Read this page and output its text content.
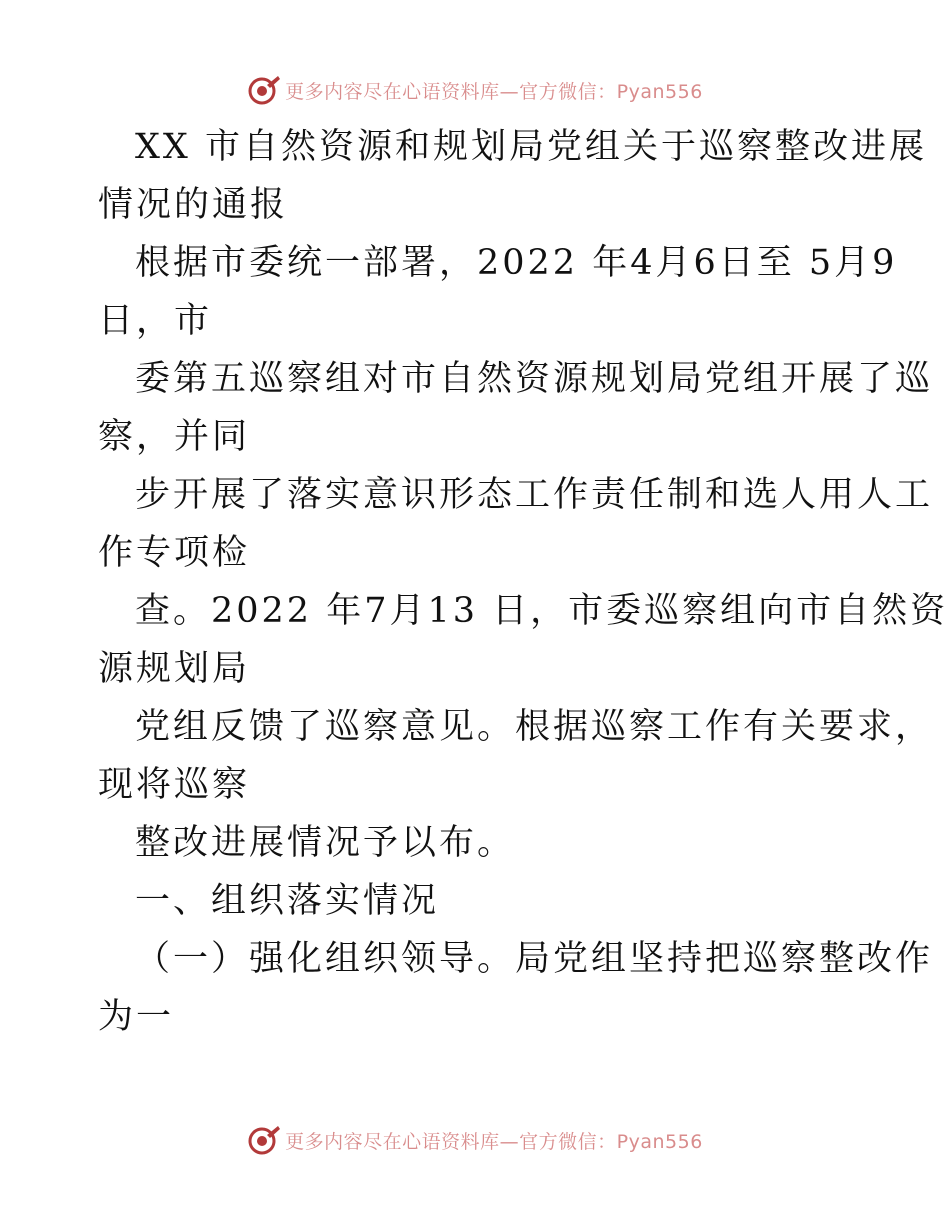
更多内容尽在心语资料库—官方微信：Pyan556
XX 市自然资源和规划局党组关于巡察整改进展
情况的通报
根据市委统一部署，2022 年4月6日至 5月9
日，市
委第五巡察组对市自然资源规划局党组开展了巡
察，并同
步开展了落实意识形态工作责任制和选人用人工
作专项检
查。2022 年7月13 日，市委巡察组向市自然资
源规划局
党组反馈了巡察意见。根据巡察工作有关要求，
现将巡察
整改进展情况予以布。
一、组织落实情况
（一）强化组织领导。局党组坚持把巡察整改作
为一
更多内容尽在心语资料库—官方微信：Pyan556
